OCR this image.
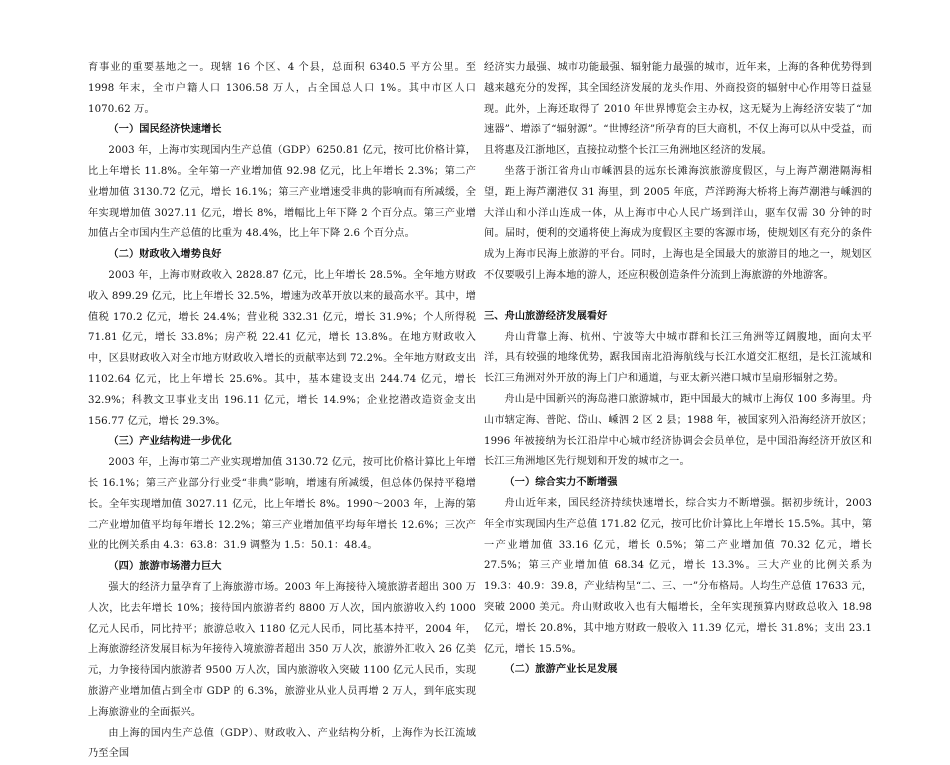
育事业的重要基地之一。现辖 16 个区、4 个县，总面积 6340.5 平方公里。至 1998 年末，全市户籍人口 1306.58 万人，占全国总人口 1%。其中市区人口 1070.62 万。

（一）国民经济快速增长

2003 年，上海市实现国内生产总值（GDP）6250.81 亿元，按可比价格计算，比上年增长 11.8%。全年第一产业增加值 92.98 亿元，比上年增长 2.3%；第二产业增加值 3130.72 亿元，增长 16.1%；第三产业增速受非典的影响而有所减缓，全年实现增加值 3027.11 亿元，增长 8%，增幅比上年下降 2 个百分点。第三产业增加值占全市国内生产总值的比重为 48.4%，比上年下降 2.6 个百分点。

（二）财政收入增势良好

2003 年，上海市财政收入 2828.87 亿元，比上年增长 28.5%。全年地方财政收入 899.29 亿元，比上年增长 32.5%，增速为改革开放以来的最高水平。其中，增值税 170.2 亿元，增长 24.4%；营业税 332.31 亿元，增长 31.9%；个人所得税 71.81 亿元，增长 33.8%；房产税 22.41 亿元，增长 13.8%。在地方财政收入中，区县财政收入对全市地方财政收入增长的贡献率达到 72.2%。全年地方财政支出 1102.64 亿元，比上年增长 25.6%。其中，基本建设支出 244.74 亿元，增长 32.9%；科教文卫事业支出 196.11 亿元，增长 14.9%；企业挖潜改造资金支出 156.77 亿元，增长 29.3%。

（三）产业结构进一步优化

2003 年，上海市第二产业实现增加值 3130.72 亿元，按可比价格计算比上年增长 16.1%；第三产业部分行业受“非典”影响，增速有所减缓，但总体仍保持平稳增长。全年实现增加值 3027.11 亿元，比上年增长 8%。1990～2003 年，上海的第二产业增加值平均每年增长 12.2%；第三产业增加值平均每年增长 12.6%；三次产业的比例关系由 4.3：63.8：31.9 调整为 1.5：50.1：48.4。

（四）旅游市场潜力巨大

强大的经济力量孕育了上海旅游市场。2003 年上海接待入境旅游者超出 300 万人次，比去年增长 10%；接待国内旅游者约 8800 万人次，国内旅游收入约 1000 亿元人民币，同比持平；旅游总收入 1180 亿元人民币，同比基本持平，2004 年，上海旅游经济发展目标为年接待入境旅游者超出 350 万人次，旅游外汇收入 26 亿美元，力争接待国内旅游者 9500 万人次，国内旅游收入突破 1100 亿元人民币，实现旅游产业增加值占到全市 GDP 的 6.3%，旅游业从业人员再增 2 万人，到年底实现上海旅游业的全面振兴。

由上海的国内生产总值（GDP）、财政收入、产业结构分析，上海作为长江流域乃至全国

经济实力最强、城市功能最强、辐射能力最强的城市，近年来，上海的各种优势得到越来越充分的发挥，其全国经济发展的龙头作用、外商投资的辐射中心作用等日益显现。此外，上海还取得了 2010 年世界博览会主办权，这无疑为上海经济安装了“加速器”、增添了“辐射源”。“世博经济”所孕育的巨大商机，不仅上海可以从中受益，而且将惠及江浙地区，直接拉动整个长江三角洲地区经济的发展。

坐落于浙江省舟山市嵊泗县的远东长滩海滨旅游度假区，与上海芦潮港隔海相望，距上海芦潮港仅 31 海里，到 2005 年底，芦洋跨海大桥将上海芦潮港与嵊泗的大洋山和小洋山连成一体，从上海市中心人民广场到洋山，驱车仅需 30 分钟的时间。届时，便利的交通将使上海成为度假区主要的客源市场，使规划区有充分的条件成为上海市民海上旅游的平台。同时，上海也是全国最大的旅游目的地之一，规划区不仅要吸引上海本地的游人，还应积极创造条件分流到上海旅游的外地游客。

三、舟山旅游经济发展看好

舟山背靠上海、杭州、宁波等大中城市群和长江三角洲等辽阔腹地，面向太平洋，具有较强的地缘优势，踞我国南北沿海航线与长江水道交汇枢纽，是长江流域和长江三角洲对外开放的海上门户和通道，与亚太新兴港口城市呈扇形辐射之势。

舟山是中国新兴的海岛港口旅游城市，距中国最大的城市上海仅 100 多海里。舟山市辖定海、普陀、岱山、嵊泗 2 区 2 县；1988 年，被国家列入沿海经济开放区；1996 年被接纳为长江沿岸中心城市经济协调会会员单位，是中国沿海经济开放区和长江三角洲地区先行规划和开发的城市之一。

（一）综合实力不断增强

舟山近年来，国民经济持续快速增长，综合实力不断增强。据初步统计，2003 年全市实现国内生产总值 171.82 亿元，按可比价计算比上年增长 15.5%。其中，第一产业增加值 33.16 亿元，增长 0.5%；第二产业增加值 70.32 亿元，增长 27.5%；第三产业增加值 68.34 亿元，增长 13.3%。三大产业的比例关系为 19.3：40.9：39.8，产业结构呈“二、三、一”分布格局。人均生产总值 17633 元，突破 2000 美元。舟山财政收入也有大幅增长，全年实现预算内财政总收入 18.98 亿元，增长 20.8%，其中地方财政一般收入 11.39 亿元，增长 31.8%；支出 23.1 亿元，增长 15.5%。

（二）旅游产业长足发展
